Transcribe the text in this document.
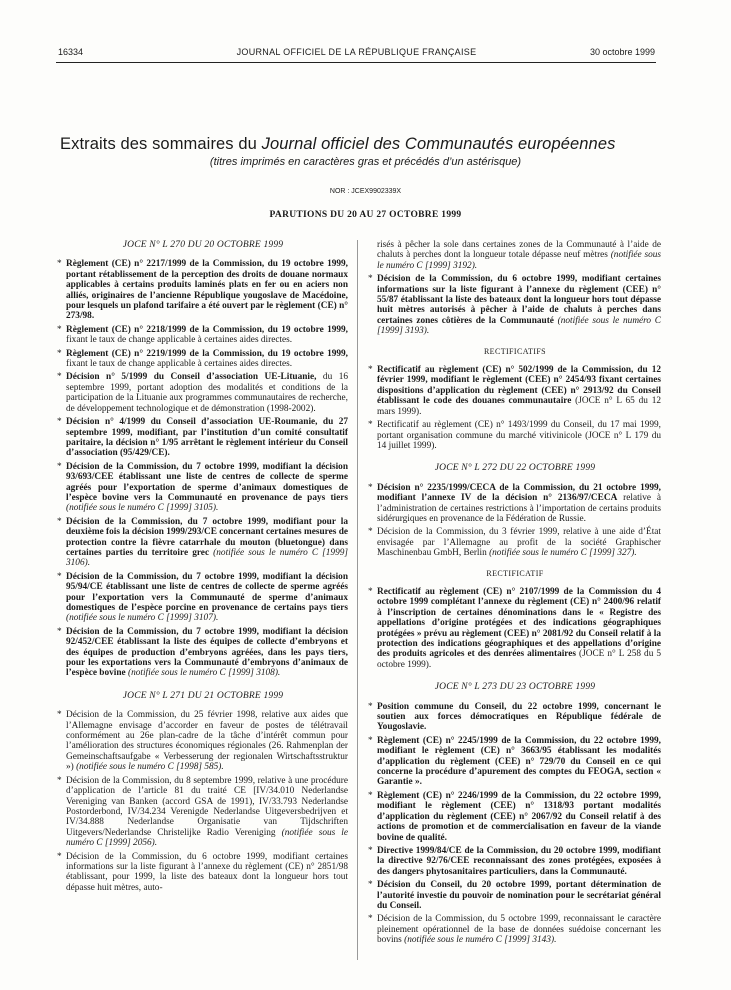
16334	JOURNAL OFFICIEL DE LA RÉPUBLIQUE FRANÇAISE	30 octobre 1999
Extraits des sommaires du Journal officiel des Communautés européennes
(titres imprimés en caractères gras et précédés d’un astérisque)
NOR : JCEX9902339X
PARUTIONS DU 20 AU 27 OCTOBRE 1999
JOCE N° L 270 DU 20 OCTOBRE 1999
* Règlement (CE) n° 2217/1999 de la Commission, du 19 octobre 1999, portant rétablissement de la perception des droits de douane normaux applicables à certains produits laminés plats en fer ou en aciers non alliés, originaires de l’ancienne République yougoslave de Macédoine, pour lesquels un plafond tarifaire a été ouvert par le règlement (CE) n° 273/98.
* Règlement (CE) n° 2218/1999 de la Commission, du 19 octobre 1999, fixant le taux de change applicable à certaines aides directes.
* Règlement (CE) n° 2219/1999 de la Commission, du 19 octobre 1999, fixant le taux de change applicable à certaines aides directes.
* Décision n° 5/1999 du Conseil d’association UE-Lituanie, du 16 septembre 1999, portant adoption des modalités et conditions de la participation de la Lituanie aux programmes communautaires de recherche, de développement technologique et de démonstration (1998-2002).
* Décision n° 4/1999 du Conseil d’association UE-Roumanie, du 27 septembre 1999, modifiant, par l’institution d’un comité consultatif paritaire, la décision n° 1/95 arrêtant le règlement intérieur du Conseil d’association (95/429/CE).
* Décision de la Commission, du 7 octobre 1999, modifiant la décision 93/693/CEE établissant une liste de centres de collecte de sperme agréés pour l’exportation de sperme d’animaux domestiques de l’espèce bovine vers la Communauté en provenance de pays tiers (notifiée sous le numéro C [1999] 3105).
* Décision de la Commission, du 7 octobre 1999, modifiant pour la deuxième fois la décision 1999/293/CE concernant certaines mesures de protection contre la fièvre catarrhale du mouton (bluetongue) dans certaines parties du territoire grec (notifiée sous le numéro C [1999] 3106).
* Décision de la Commission, du 7 octobre 1999, modifiant la décision 95/94/CE établissant une liste de centres de collecte de sperme agréés pour l’exportation vers la Communauté de sperme d’animaux domestiques de l’espèce porcine en provenance de certains pays tiers (notifiée sous le numéro C [1999] 3107).
* Décision de la Commission, du 7 octobre 1999, modifiant la décision 92/452/CEE établissant la liste des équipes de collecte d’embryons et des équipes de production d’embryons agréées, dans les pays tiers, pour les exportations vers la Communauté d’embryons d’animaux de l’espèce bovine (notifiée sous le numéro C [1999] 3108).
JOCE N° L 271 DU 21 OCTOBRE 1999
* Décision de la Commission, du 25 février 1998, relative aux aides que l’Allemagne envisage d’accorder en faveur de postes de télétravail conformément au 26e plan-cadre de la tâche d’intérêt commun pour l’amélioration des structures économiques régionales (26. Rahmenplan der Gemeinschaftsaufgabe « Verbesserung der regionalen Wirtschaftsstruktur ») (notifiée sous le numéro C [1998] 585).
* Décision de la Commission, du 8 septembre 1999, relative à une procédure d’application de l’article 81 du traité CE [IV/34.010 Nederlandse Vereniging van Banken (accord GSA de 1991), IV/33.793 Nederlandse Postorderbond, IV/34.234 Verenigde Nederlandse Uitgeversbedrijven et IV/34.888 Nederlandse Organisatie van Tijdschriften Uitgevers/Nederlandse Christelijke Radio Vereniging (notifiée sous le numéro C [1999] 2056).
* Décision de la Commission, du 6 octobre 1999, modifiant certaines informations sur la liste figurant à l’annexe du règlement (CE) n° 2851/98 établissant, pour 1999, la liste des bateaux dont la longueur hors tout dépasse huit mètres, auto-
risés à pêcher la sole dans certaines zones de la Communauté à l’aide de chaluts à perches dont la longueur totale dépasse neuf mètres (notifiée sous le numéro C [1999] 3192).
* Décision de la Commission, du 6 octobre 1999, modifiant certaines informations sur la liste figurant à l’annexe du règlement (CEE) n° 55/87 établissant la liste des bateaux dont la longueur hors tout dépasse huit mètres autorisés à pêcher à l’aide de chaluts à perches dans certaines zones côtières de la Communauté (notifiée sous le numéro C [1999] 3193).
RECTIFICATIFS
* Rectificatif au règlement (CE) n° 502/1999 de la Commission, du 12 février 1999, modifiant le règlement (CEE) n° 2454/93 fixant certaines dispositions d’application du règlement (CEE) n° 2913/92 du Conseil établissant le code des douanes communautaire (JOCE n° L 65 du 12 mars 1999).
* Rectificatif au règlement (CE) n° 1493/1999 du Conseil, du 17 mai 1999, portant organisation commune du marché vitivinicole (JOCE n° L 179 du 14 juillet 1999).
JOCE N° L 272 DU 22 OCTOBRE 1999
* Décision n° 2235/1999/CECA de la Commission, du 21 octobre 1999, modifiant l’annexe IV de la décision n° 2136/97/CECA relative à l’administration de certaines restrictions à l’importation de certains produits sidérurgiques en provenance de la Fédération de Russie.
* Décision de la Commission, du 3 février 1999, relative à une aide d’État envisagée par l’Allemagne au profit de la société Graphischer Maschinenbau GmbH, Berlin (notifiée sous le numéro C [1999] 327).
RECTIFICATIF
* Rectificatif au règlement (CE) n° 2107/1999 de la Commission du 4 octobre 1999 complétant l’annexe du règlement (CE) n° 2400/96 relatif à l’inscription de certaines dénominations dans le « Registre des appellations d’origine protégées et des indications géographiques protégées » prévu au règlement (CEE) n° 2081/92 du Conseil relatif à la protection des indications géographiques et des appellations d’origine des produits agricoles et des denrées alimentaires (JOCE n° L 258 du 5 octobre 1999).
JOCE N° L 273 DU 23 OCTOBRE 1999
* Position commune du Conseil, du 22 octobre 1999, concernant le soutien aux forces démocratiques en République fédérale de Yougoslavie.
* Règlement (CE) n° 2245/1999 de la Commission, du 22 octobre 1999, modifiant le règlement (CE) n° 3663/95 établissant les modalités d’application du règlement (CEE) n° 729/70 du Conseil en ce qui concerne la procédure d’apurement des comptes du FEOGA, section « Garantie ».
* Règlement (CE) n° 2246/1999 de la Commission, du 22 octobre 1999, modifiant le règlement (CEE) n° 1318/93 portant modalités d’application du règlement (CEE) n° 2067/92 du Conseil relatif à des actions de promotion et de commercialisation en faveur de la viande bovine de qualité.
* Directive 1999/84/CE de la Commission, du 20 octobre 1999, modifiant la directive 92/76/CEE reconnaissant des zones protégées, exposées à des dangers phytosanitaires particuliers, dans la Communauté.
* Décision du Conseil, du 20 octobre 1999, portant détermination de l’autorité investie du pouvoir de nomination pour le secrétariat général du Conseil.
* Décision de la Commission, du 5 octobre 1999, reconnaissant le caractère pleinement opérationnel de la base de données suédoise concernant les bovins (notifiée sous le numéro C [1999] 3143).
